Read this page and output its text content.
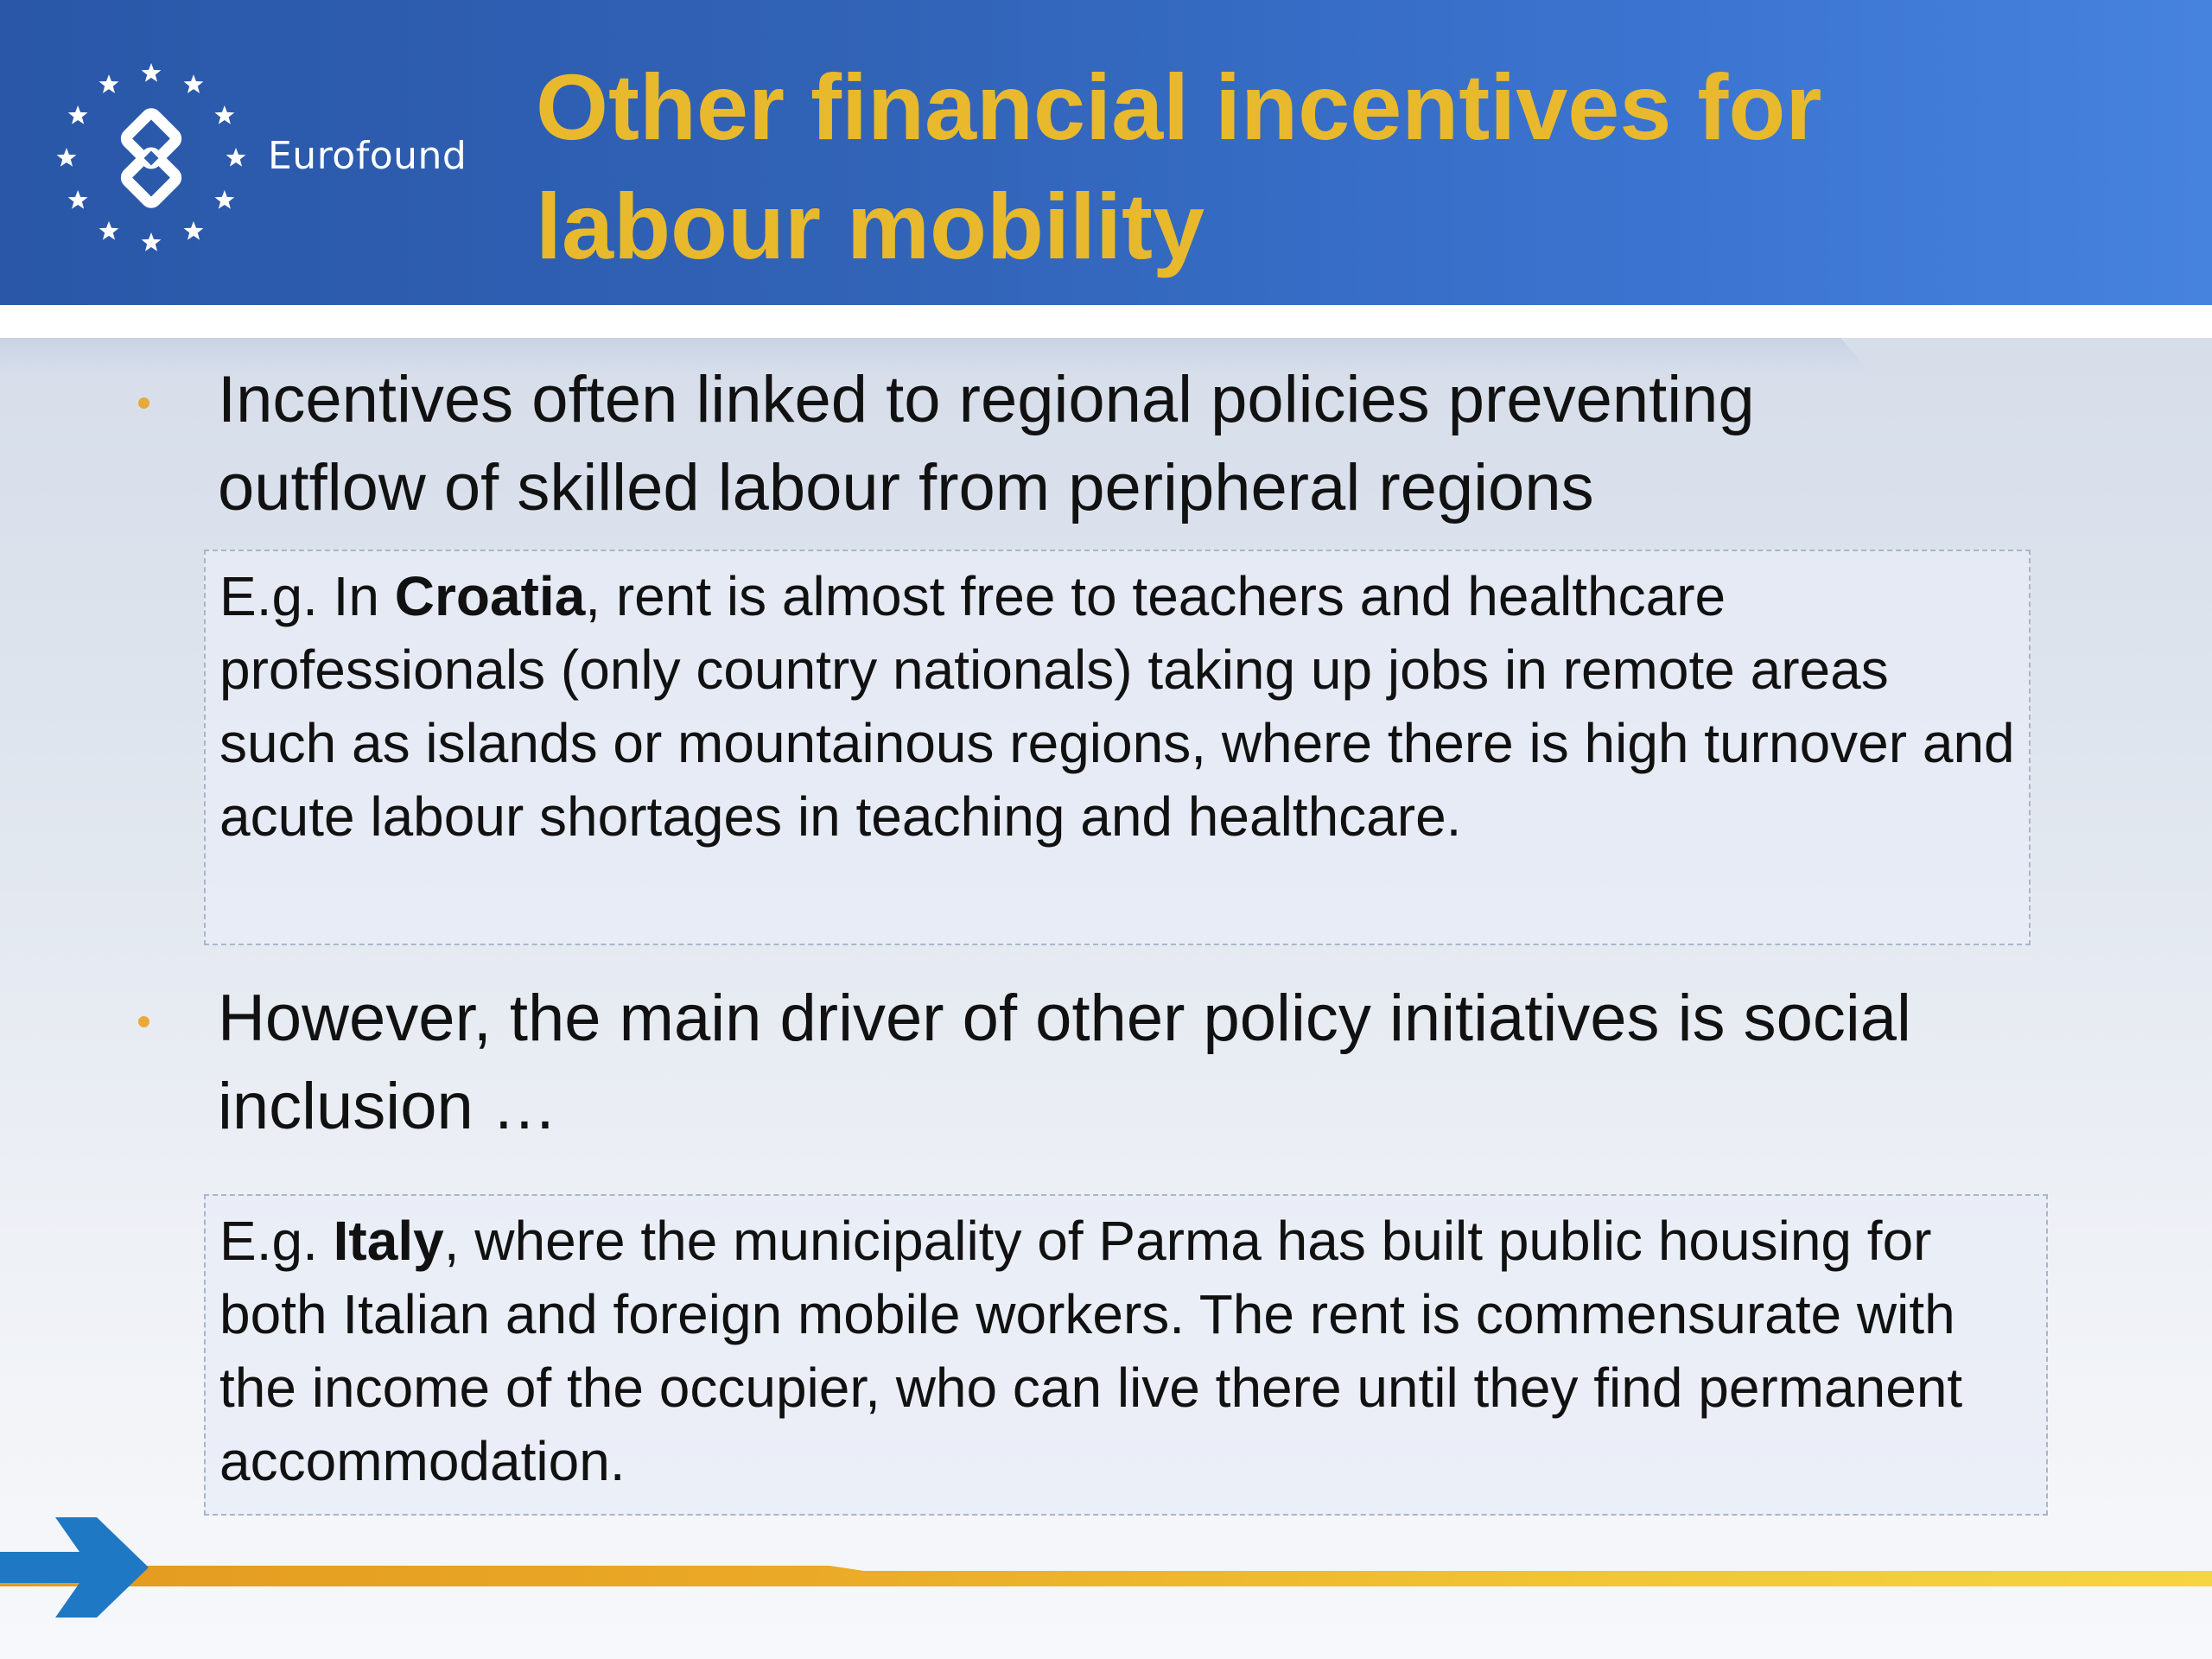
Eurofound Other financial incentives for
labour mobility
Incentives often linked to regional policies preventing
outflow of skilled labour from peripheral regions
E.g. In Croatia, rent is almost free to teachers and healthcare professionals (only country nationals) taking up jobs in remote areas such as islands or mountainous regions, where there is high turnover and acute labour shortages in teaching and healthcare.
However, the main driver of other policy initiatives is social
inclusion …
E.g. Italy, where the municipality of Parma has built public housing for both Italian and foreign mobile workers. The rent is commensurate with the income of the occupier, who can live there until they find permanent accommodation.
